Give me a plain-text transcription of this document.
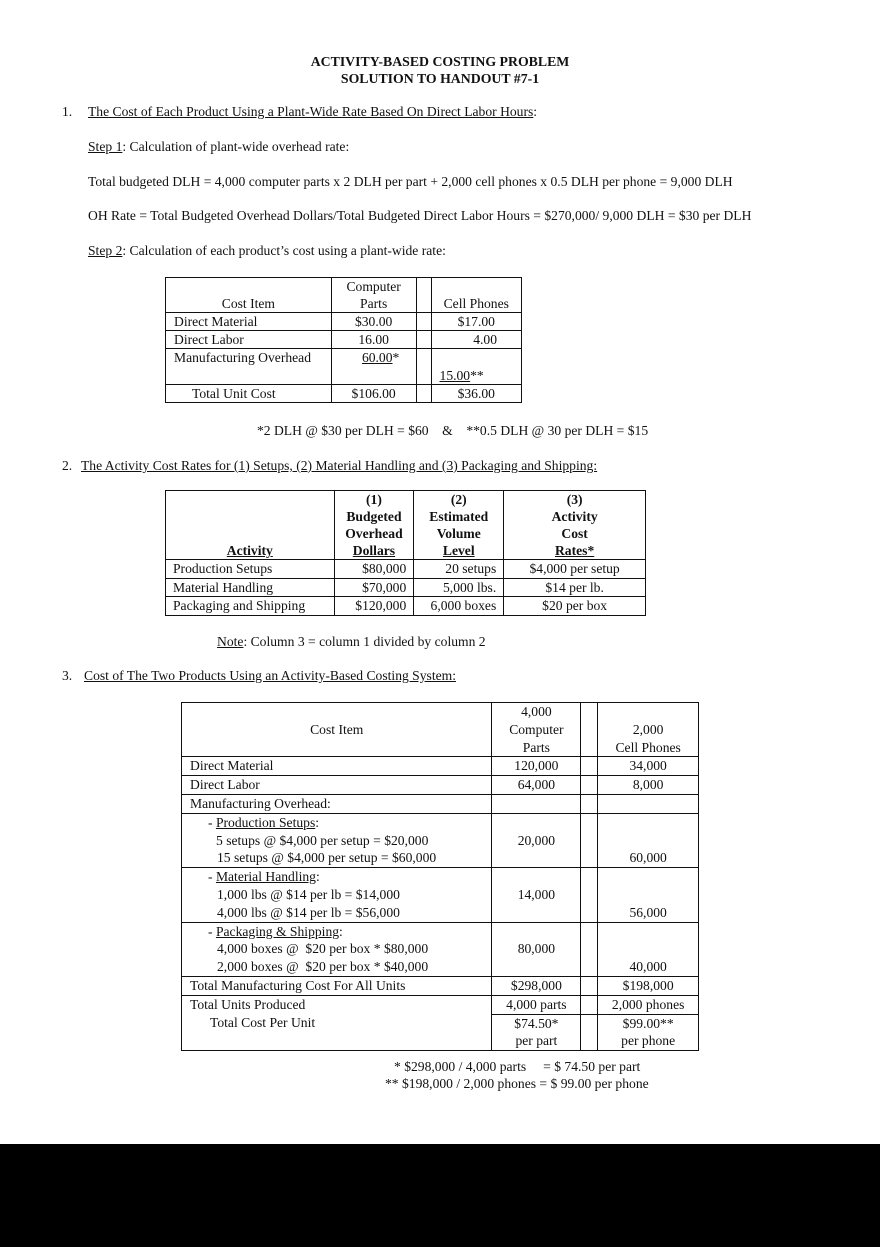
ACTIVITY-BASED COSTING PROBLEM
SOLUTION TO HANDOUT #7-1
1. The Cost of Each Product Using a Plant-Wide Rate Based On Direct Labor Hours:
Step 1: Calculation of plant-wide overhead rate:
Total budgeted DLH = 4,000 computer parts x 2 DLH per part + 2,000 cell phones x 0.5 DLH per phone = 9,000 DLH
OH Rate = Total Budgeted Overhead Dollars/Total Budgeted Direct Labor Hours = $270,000/ 9,000 DLH = $30 per DLH
Step 2: Calculation of each product’s cost using a plant-wide rate:
Cost Item	Computer
Parts		Cell Phones
Direct Material	$30.00		$17.00
Direct Labor	16.00		4.00
Manufacturing Overhead	60.00*		15.00**
Total Unit Cost	$106.00		$36.00
*2 DLH @ $30 per DLH = $60    &    **0.5 DLH @ 30 per DLH = $15
2. The Activity Cost Rates for (1) Setups, (2) Material Handling and (3) Packaging and Shipping:
Activity	(1)
Budgeted
Overhead
Dollars	(2)
Estimated
Volume
Level	(3)
Activity
Cost
Rates*
Production Setups	$80,000	20 setups	$4,000 per setup
Material Handling	$70,000	5,000 lbs.	$14 per lb.
Packaging and Shipping	$120,000	6,000 boxes	$20 per box
Note: Column 3 = column 1 divided by column 2
3. Cost of The Two Products Using an Activity-Based Costing System:
Cost Item	4,000
Computer
Parts		2,000
Cell Phones
Direct Material	120,000		34,000
Direct Labor	64,000		8,000
Manufacturing Overhead:			

- Production Setups:
5 setups @ $4,000 per setup = $20,000
15 setups @ $4,000 per setup = $60,000	20,000		60,000

- Material Handling:
1,000 lbs @ $14 per lb = $14,000
4,000 lbs @ $14 per lb = $56,000	14,000		56,000

- Packaging & Shipping:
4,000 boxes @  $20 per box * $80,000
2,000 boxes @  $20 per box * $40,000	80,000		40,000
Total Manufacturing Cost For All Units	$298,000		$198,000
Total Units Produced	4,000 parts		2,000 phones
Total Cost Per Unit	$74.50*
per part		$99.00**
per phone
* $298,000 / 4,000 parts     = $ 74.50 per part
** $198,000 / 2,000 phones = $ 99.00 per phone
